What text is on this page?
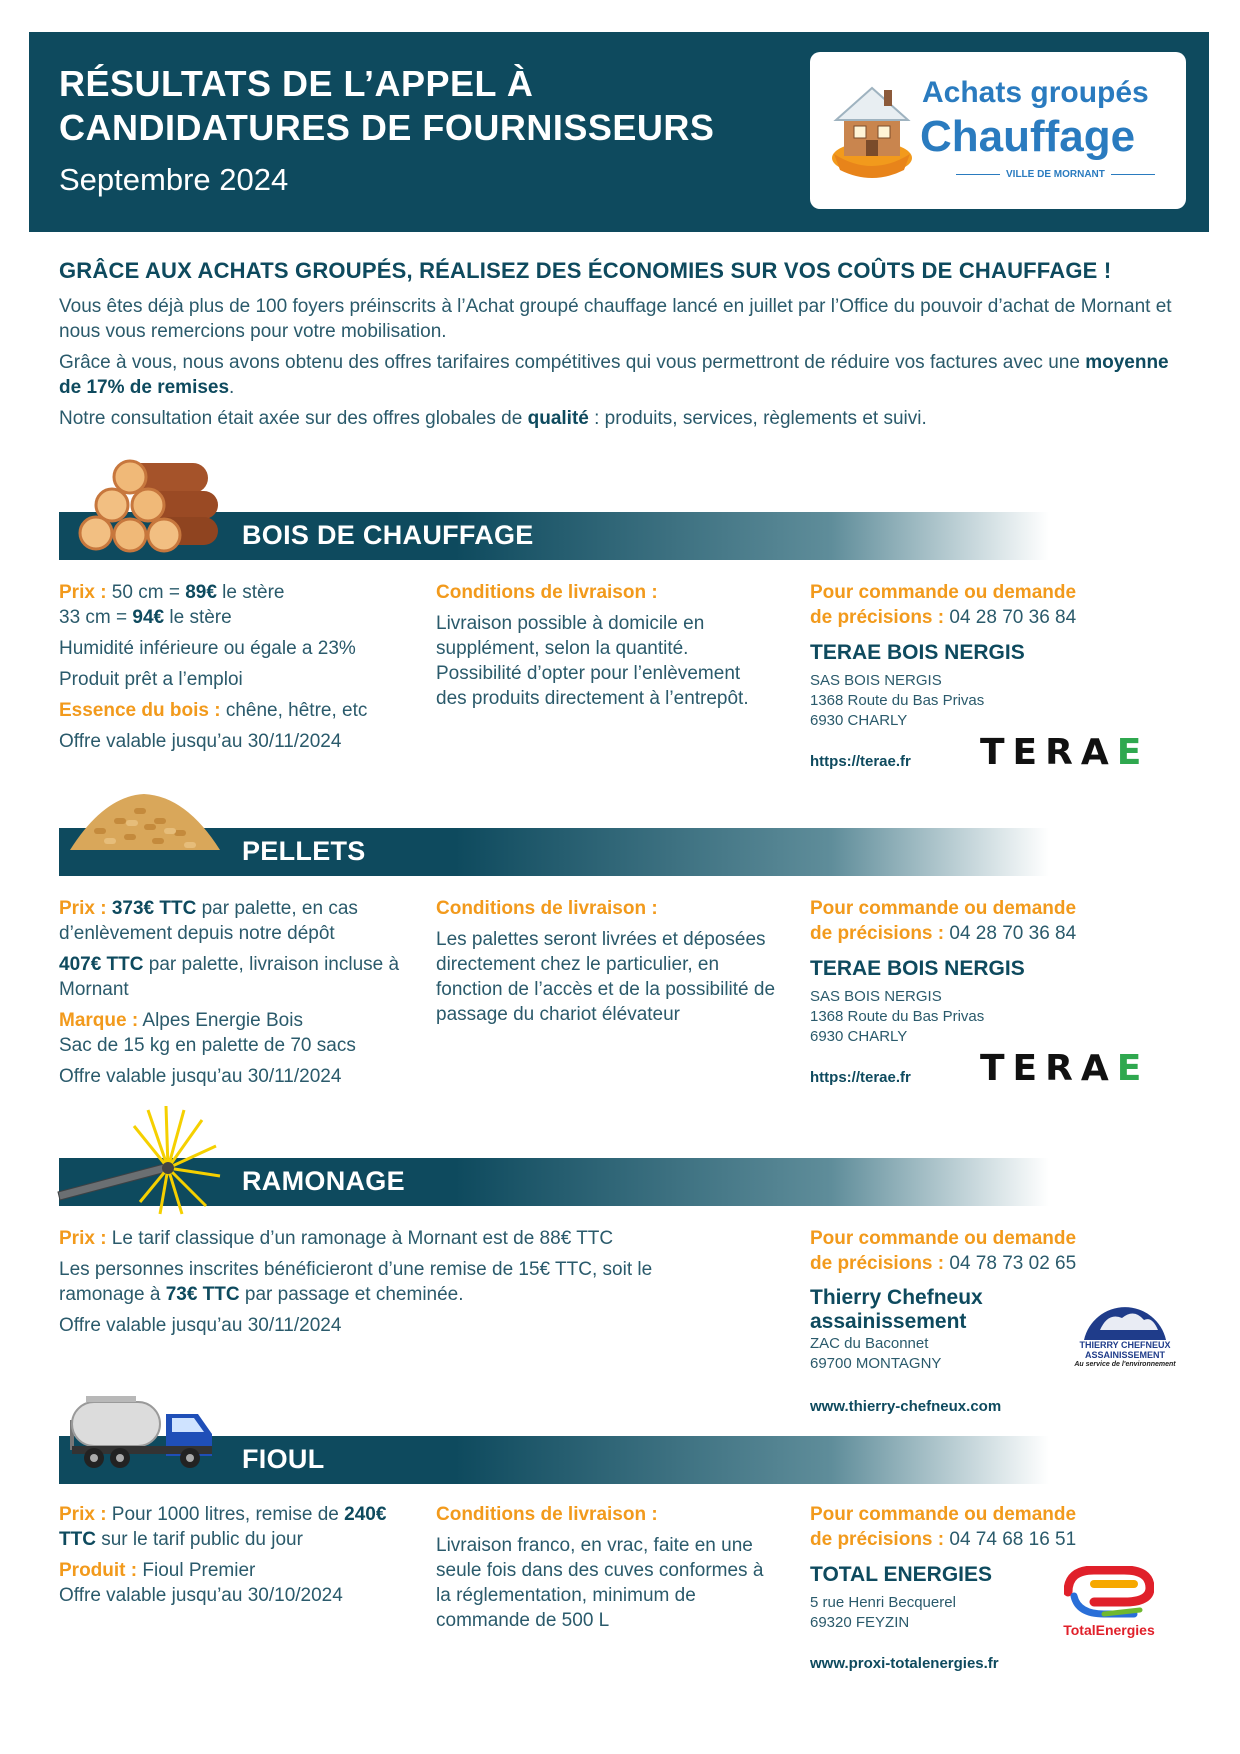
RÉSULTATS DE L’APPEL À
CANDIDATURES DE FOURNISSEURS
Septembre 2024
Achats groupés
Chauffage
VILLE DE MORNANT
GRÂCE AUX ACHATS GROUPÉS, RÉALISEZ DES ÉCONOMIES SUR VOS COÛTS DE CHAUFFAGE !
Vous êtes déjà plus de 100 foyers préinscrits à l’Achat groupé chauffage lancé en juillet par l’Office du pouvoir d’achat de Mornant et nous vous remercions pour votre mobilisation.
Grâce à vous, nous avons obtenu des offres tarifaires compétitives qui vous permettront de réduire vos factures avec une moyenne de 17% de remises.
Notre consultation était axée sur des offres globales de qualité : produits, services, règlements et suivi.
BOIS DE CHAUFFAGE

Prix : 50 cm = 89€ le stère

33 cm = 94€ le stère

Humidité inférieure ou égale a 23%

Produit prêt a l’emploi

Essence du bois : chêne, hêtre, etc

Offre valable jusqu’au 30/11/2024

Conditions de livraison :

Livraison possible à domicile en supplément, selon la quantité. Possibilité d’opter pour l’enlèvement des produits directement à l’entrepôt.

Pour commande ou demande

de précisions : 04 28 70 36 84

TERAE BOIS NERGIS

SAS BOIS NERGIS
1368 Route du Bas Privas
6930 CHARLY
https://terae.fr	TERAE
PELLETS

Prix : 373€ TTC par palette, en cas d’enlèvement depuis notre dépôt

407€ TTC par palette, livraison incluse à Mornant

Marque : Alpes Energie Bois

Sac de 15 kg en palette de 70 sacs

Offre valable jusqu’au 30/11/2024

Conditions de livraison :

Les palettes seront livrées et déposées directement chez le particulier, en fonction de l’accès et de la possibilité de passage du chariot élévateur

Pour commande ou demande

de précisions : 04 28 70 36 84

TERAE BOIS NERGIS

SAS BOIS NERGIS
1368 Route du Bas Privas
6930 CHARLY
https://terae.fr	TERAE
RAMONAGE

Prix : Le tarif classique d’un ramonage à Mornant est de 88€ TTC

Les personnes inscrites bénéficieront d’une remise de 15€ TTC, soit le ramonage à 73€ TTC par passage et cheminée.

Offre valable jusqu’au 30/11/2024

Pour commande ou demande

de précisions : 04 78 73 02 65

Thierry Chefneux

assainissement

ZAC du Baconnet
69700 MONTAGNY
www.thierry-chefneux.com
THIERRY CHEFNEUX
ASSAINISSEMENT
Au service de l'environnement
FIOUL

Prix : Pour 1000 litres, remise de 240€ TTC sur le tarif public du jour

Produit : Fioul Premier

Offre valable jusqu’au 30/10/2024

Conditions de livraison :

Livraison franco, en vrac, faite en une seule fois dans des cuves conformes à la réglementation, minimum de commande de 500 L

Pour commande ou demande

de précisions : 04 74 68 16 51

TOTAL ENERGIES

5 rue Henri Becquerel
69320 FEYZIN
www.proxi-totalenergies.fr
TotalEnergies
